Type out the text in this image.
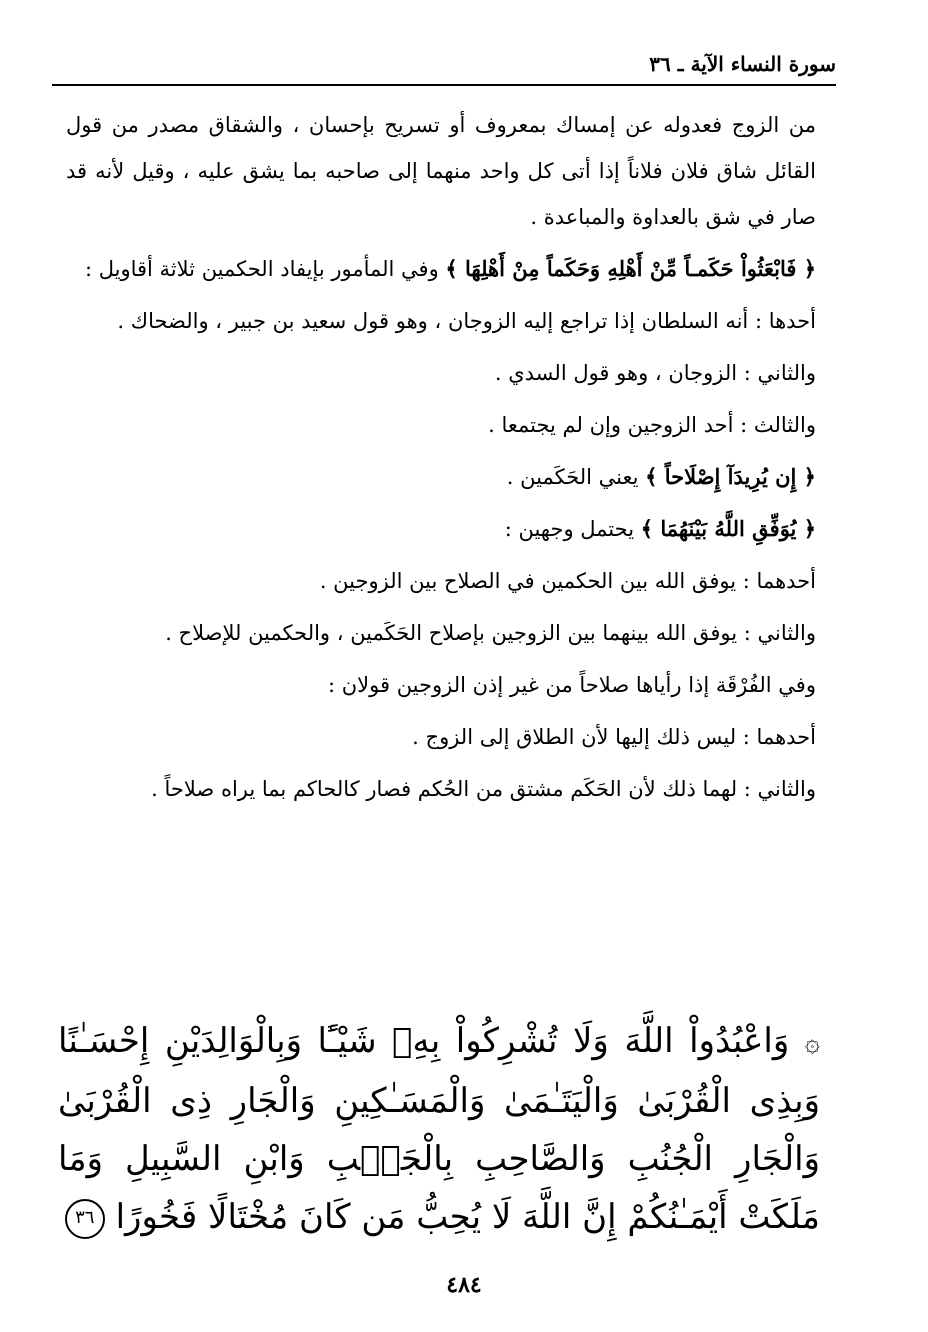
سورة النساء الآية ـ ٣٦

من الزوج فعدوله عن إمساك بمعروف أو تسريح بإحسان ، والشقاق مصدر من قول القائل شاق فلان فلاناً إذا أتى كل واحد منهما إلى صاحبه بما يشق عليه ، وقيل لأنه قد صار في شق بالعداوة والمباعدة .

﴿ فَابْعَثُواْ حَكَمـاً مِّنْ أَهْلِهِ وَحَكَماً مِنْ أَهْلِهَا ﴾ وفي المأمور بإيفاد الحكمين ثلاثة أقاويل :

أحدها : أنه السلطان إذا تراجع إليه الزوجان ، وهو قول سعيد بن جبير ، والضحاك .

والثاني : الزوجان ، وهو قول السدي .

والثالث : أحد الزوجين وإن لم يجتمعا .

﴿ إِن يُرِيدَآ إِصْلَاحاً ﴾ يعني الحَكَمين .

﴿ يُوَفِّقِ اللَّهُ بَيْنَهُمَا ﴾ يحتمل وجهين :

أحدهما : يوفق الله بين الحكمين في الصلاح بين الزوجين .

والثاني : يوفق الله بينهما بين الزوجين بإصلاح الحَكَمين ، والحكمين للإصلاح .

وفي الفُرْقَة إذا رأياها صلاحاً من غير إذن الزوجين قولان :

أحدهما : ليس ذلك إليها لأن الطلاق إلى الزوج .

والثاني : لهما ذلك لأن الحَكَم مشتق من الحُكم فصار كالحاكم بما يراه صلاحاً .

۞ وَاعْبُدُواْ اللَّهَ وَلَا تُشْرِكُواْ بِهِۦ شَيْـًٔا وَبِالْوَالِدَيْنِ إِحْسَـٰنًا وَبِذِى الْقُرْبَىٰ وَالْيَتَـٰمَىٰ وَالْمَسَـٰكِينِ وَالْجَارِ ذِى الْقُرْبَىٰ وَالْجَارِ الْجُنُبِ وَالصَّاحِبِ بِالْجَنۢبِ وَابْنِ السَّبِيلِ وَمَا مَلَكَتْ أَيْمَـٰنُكُمْ إِنَّ اللَّهَ لَا يُحِبُّ مَن كَانَ مُخْتَالًا فَخُورًا ٣٦
٤٨٤
